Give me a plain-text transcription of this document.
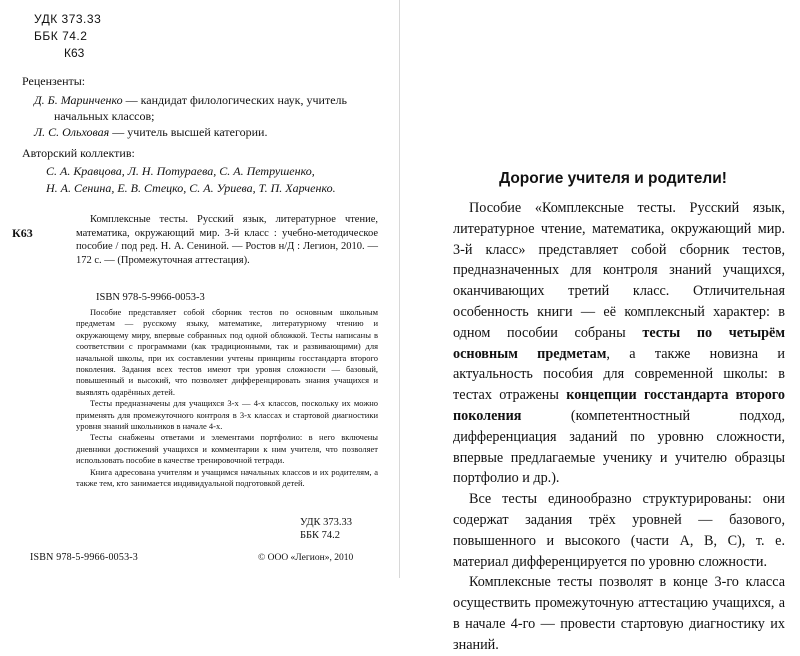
УДК 373.33
ББК 74.2
К63
Рецензенты:
Д. Б. Маринченко — кандидат филологических наук, учитель начальных классов;
Л. С. Ольховая — учитель высшей категории.
Авторский коллектив:
С. А. Кравцова, Л. Н. Потураева, С. А. Петрушенко,
Н. А. Сенина, Е. В. Стецко, С. А. Уриева, Т. П. Харченко.
К63

Комплексные тесты. Русский язык, литературное чтение, математика, окружающий мир. 3-й класс : учебно-методическое пособие / под ред. Н. А. Сениной. — Ростов н/Д : Легион, 2010. — 172 с. — (Промежуточная аттестация).

ISBN 978-5-9966-0053-3

Пособие представляет собой сборник тестов по основным школьным предметам — русскому языку, математике, литературному чтению и окружающему миру, впервые собранных под одной обложкой. Тесты написаны в соответствии с программами (как традиционными, так и развивающими) для начальной школы, при их составлении учтены принципы госстандарта второго поколения. Задания всех тестов имеют три уровня сложности — базовый, повышенный и высокий, что позволяет дифференцировать знания учащихся и выявлять одарённых детей.

Тесты предназначены для учащихся 3-х — 4-х классов, поскольку их можно применять для промежуточного контроля в 3-х классах и стартовой диагностики уровня знаний школьников в начале 4-х.

Тесты снабжены ответами и элементами портфолио: в него включены дневники достижений учащихся и комментарии к ним учителя, что позволяет использовать пособие в качестве тренировочной тетради.

Книга адресована учителям и учащимся начальных классов и их родителям, а также тем, кто занимается индивидуальной подготовкой детей.

УДК 373.33
ББК 74.2
ISBN 978-5-9966-0053-3	© ООО «Легион», 2010
Дорогие учителя и родители!

Пособие «Комплексные тесты. Русский язык, литературное чтение, математика, окружающий мир. 3-й класс» представляет собой сборник тестов, предназначенных для контроля знаний учащихся, оканчивающих третий класс. Отличительная особенность книги — её комплексный характер: в одном пособии собраны тесты по четырём основным предметам, а также новизна и актуальность пособия для современной школы: в тестах отражены концепции госстандарта второго поколения (компетентностный подход, дифференциация заданий по уровню сложности, впервые предлагаемые ученику и учителю образцы портфолио и др.).

Все тесты единообразно структурированы: они содержат задания трёх уровней — базового, повышенного и высокого (части А, В, С), т. е. материал дифференцируется по уровню сложности.

Комплексные тесты позволят в конце 3-го класса осуществить промежуточную аттестацию учащихся, а в начале 4-го — провести стартовую диагностику их знаний.
